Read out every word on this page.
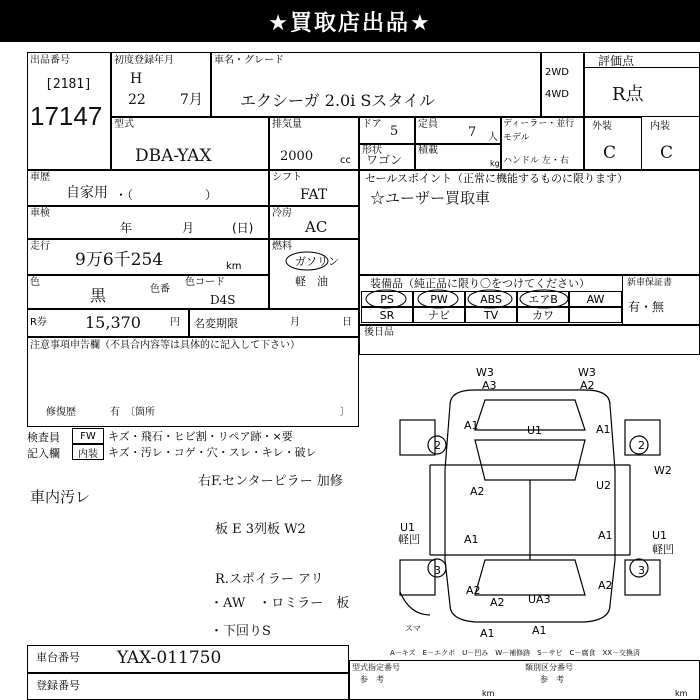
★買取店出品★
出品番号
[2181]
17147
初度登録年月
H
22 7月
車名・グレード
エクシーガ 2.0i Sスタイル
2WD
4WD
評価点
R点
外装
C
内装
C
型式
DBA-YAX
排気量
2000	cc
ドア 5 定員
7 人
ディーラー・並行
モデル
ハンドル 左・右
形状
ワゴン
積載
kg
車歴
自家用 ・（　　　　　　）
シフト
FAT
セールスポイント（正常に機能するものに限ります）
☆ユーザー買取車
車検
年	月	(日)
冷房
AC
走行
9万6千254	km
燃料
ガソリン
軽　油
色
黒	色番
色コード
D4S
装備品（純正品に限り〇をつけてください）	新車保証書
有・無
PS	PW	ABS	エアB	AW
SR	ナビ	TV	カワ
R券 15,370	円 名変期限	月	日
後日品
注意事項申告欄（不具合内容等は具体的に記入して下さい）
修復歴	有　〔箇所	〕
検査員
記入欄
FW
内装
キズ・飛石・ヒビ割・リペア跡・×要
キズ・汚レ・コゲ・穴・スレ・キレ・破レ
車内汚レ
右F.センターピラー 加修
板 E 3列板 W2
R.スポイラー アリ
・AW　・ロミラー　板
・下回りS
W3
A3
W3
A2
A1	U1	A1
2	2
W2
A2	U2
U1
軽凹	A1	A1	U1
軽凹
3	3
A2	A2
UA3
A2
A1	A1
スマ
A－キズ　E－エクボ　U－凹み　W－補修跡　S－サビ　C－腐食　XX－交換済
車台番号 YAX-011750
登録番号
型式指定番号	類別区分番号
参　考	参　考
km	km
